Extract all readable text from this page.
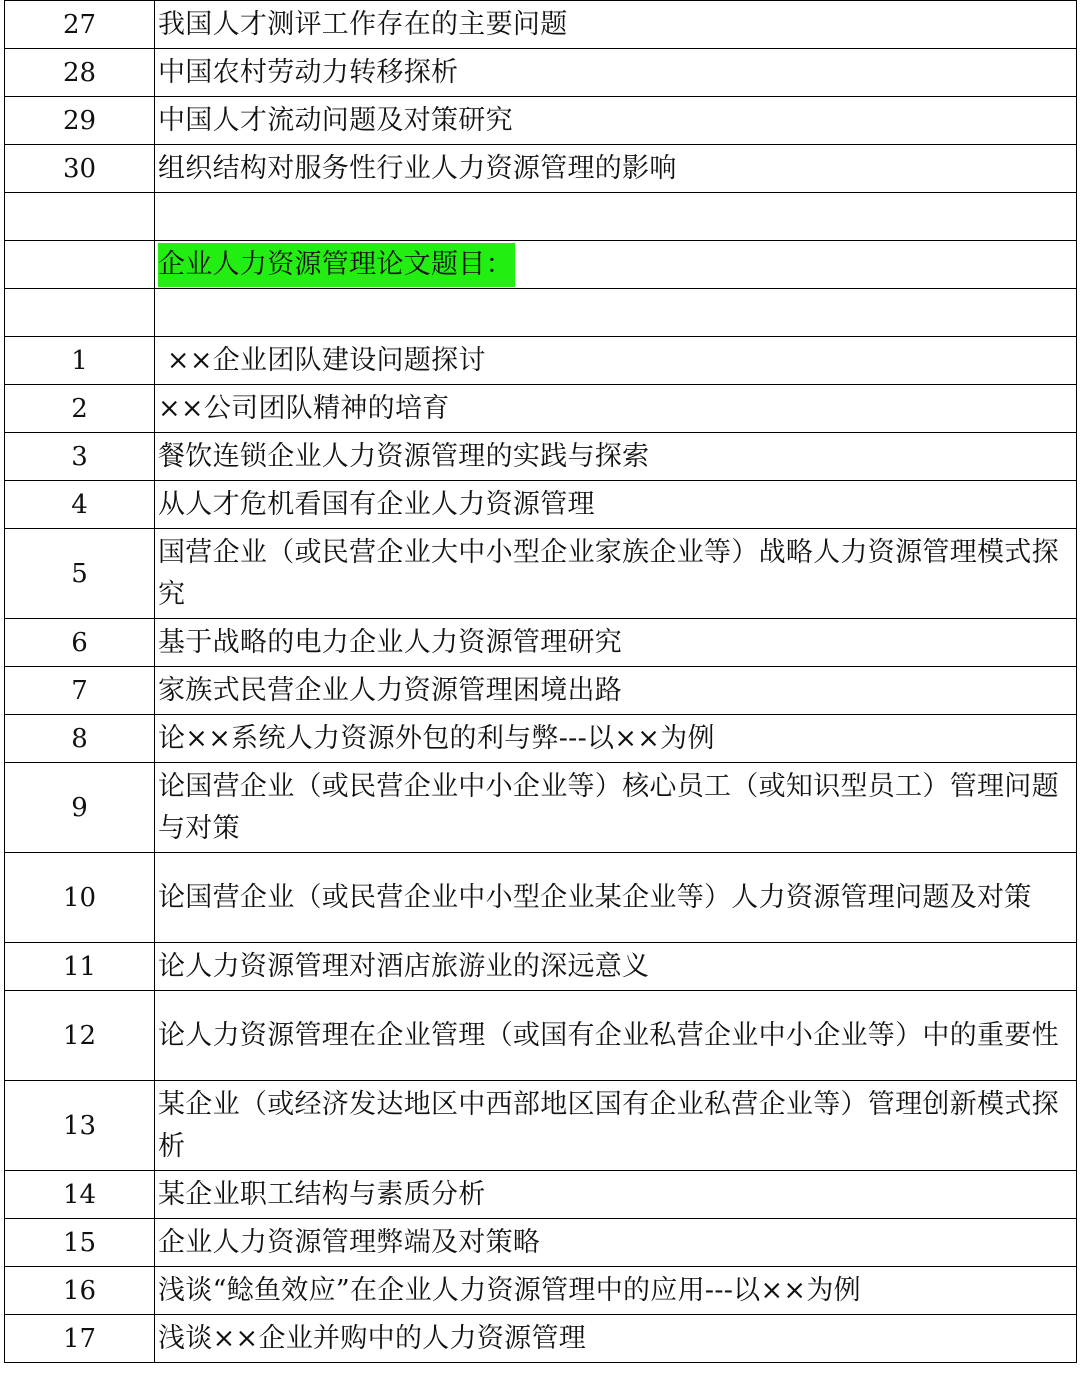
27	我国人才测评工作存在的主要问题
28	中国农村劳动力转移探析
29	中国人才流动问题及对策研究
30	组织结构对服务性行业人力资源管理的影响

	企业人力资源管理论文题目：

1	××企业团队建设问题探讨
2	××公司团队精神的培育
3	餐饮连锁企业人力资源管理的实践与探索
4	从人才危机看国有企业人力资源管理
5	国营企业（或民营企业大中小型企业家族企业等）战略人力资源管理模式探究
6	基于战略的电力企业人力资源管理研究
7	家族式民营企业人力资源管理困境出路
8	论××系统人力资源外包的利与弊---以××为例
9	论国营企业（或民营企业中小企业等）核心员工（或知识型员工）管理问题与对策
10	论国营企业（或民营企业中小型企业某企业等）人力资源管理问题及对策
11	论人力资源管理对酒店旅游业的深远意义
12	论人力资源管理在企业管理（或国有企业私营企业中小企业等）中的重要性
13	某企业（或经济发达地区中西部地区国有企业私营企业等）管理创新模式探析
14	某企业职工结构与素质分析
15	企业人力资源管理弊端及对策略
16	浅谈“鲶鱼效应”在企业人力资源管理中的应用---以××为例
17	浅谈××企业并购中的人力资源管理
